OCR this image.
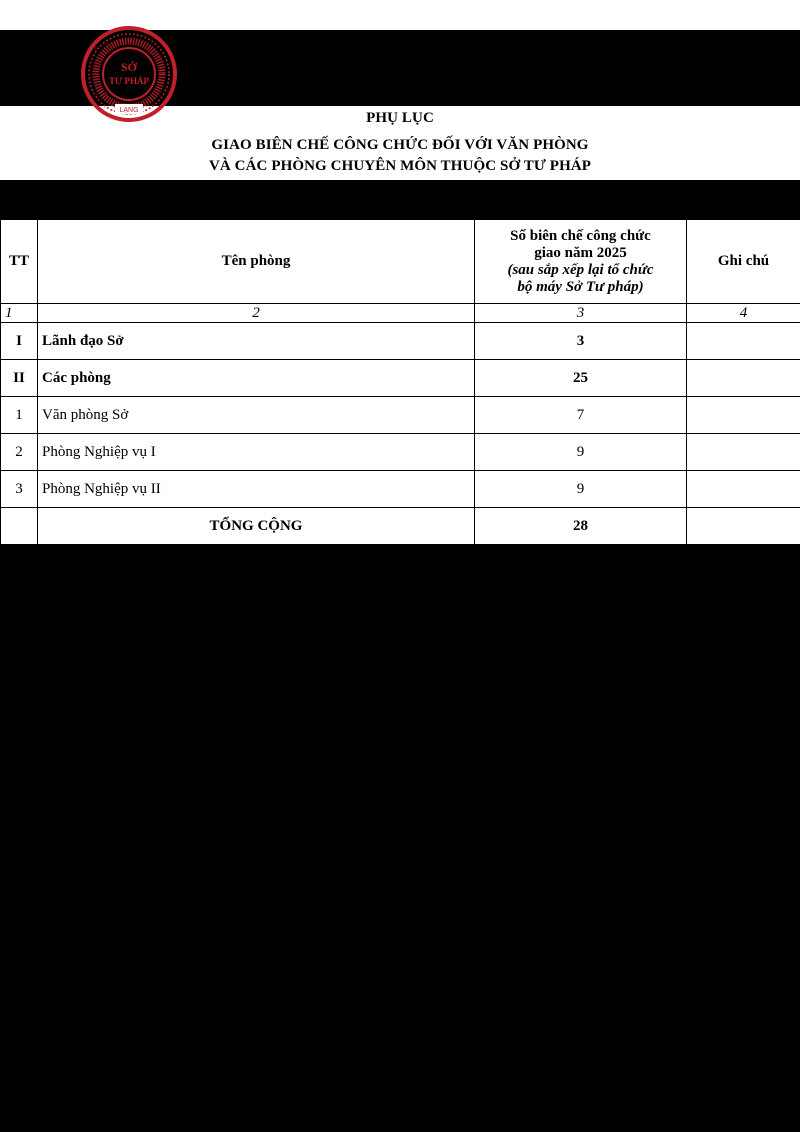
SỞ
TƯ PHÁP
LẠNG	PHỤ LỤC
GIAO BIÊN CHẾ CÔNG CHỨC ĐỐI VỚI VĂN PHÒNG
VÀ CÁC PHÒNG CHUYÊN MÔN THUỘC SỞ TƯ PHÁP
TT	Tên phòng	Số biên chế công chức
giao năm 2025
(sau sắp xếp lại tổ chức
bộ máy Sở Tư pháp)	Ghi chú
1	2	3	4
I	Lãnh đạo Sở	3	
II	Các phòng	25	
1	Văn phòng Sở	7	
2	Phòng Nghiệp vụ I	9	
3	Phòng Nghiệp vụ II	9	
	TỔNG CỘNG	28	
